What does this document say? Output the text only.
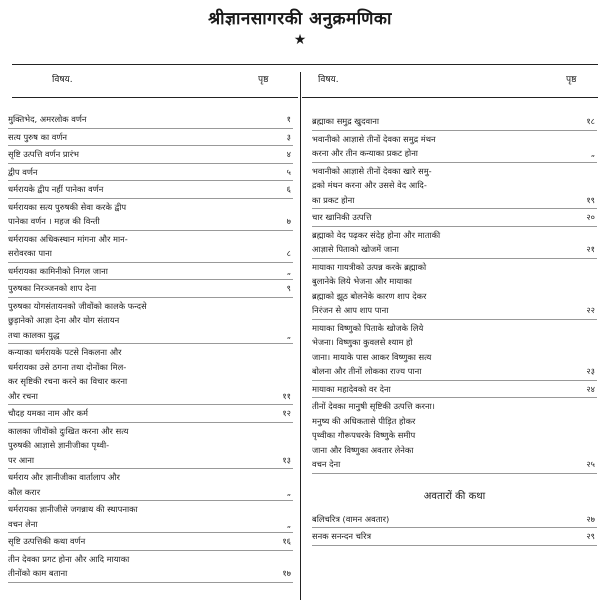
श्रीज्ञानसागरकी अनुक्रमणिका
★
विषय.	पृष्ठ	विषय.	पृष्ठ
मुक्तिभेद, अमरलोक वर्णन	१
सत्य पुरुष का वर्णन	३
सृष्टि उत्पत्ति वर्णन प्रारंभ	४
द्वीप वर्णन	५
धर्मरायके द्वीप नहीं पानेका वर्णन	६
धर्मरायका सत्य पुरुषकी सेवा करके द्वीप
पानेका वर्णन । महज की विन्ती	७
धर्मरायका अधिकस्थान मांगना और मान-
सरोवरका पाना	८
धर्मरायका कामिनीको निगल जाना	„
पुरुषका निरञ्जनको शाप देना	९
पुरुषका योगसंतायनको जीवोंको कालके फन्दसे
छुड़ानेको आज्ञा देना और योग संतायन
तथा कालका युद्ध	„
कन्याका धर्मरायके पटसे निकलना और
धर्मरायका उसे ठगना तथा दोनोंका मिल-
कर सृष्टिकी रचना करने का विचार करना
और रचना	११
चौदह यमका नाम और कर्म	१२
कालका जीवोंको दुःखित करना और सत्य
पुरुषकी आज्ञासे ज्ञानीजीका पृथ्वी-
पर आना	१३
धर्मराय और ज्ञानीजीका वार्तालाप और
कौल करार	„
धर्मरायका ज्ञानीजीसे जगन्नाथ की स्थापनाका
वचन लेना	„
सृष्टि उत्पत्तिकी कथा वर्णन	१६
तीन देवका प्रगट होना और आदि मायाका
तीनोंको काम बताना	१७
ब्रह्माका समुद्र खुदवाना	१८
भवानीको आज्ञासे तीनों देवका समुद्र मंथन
करना और तीन कन्याका प्रकट होना	„
भवानीको आज्ञासे तीनों देवका खारे समु-
द्रको मंथन करना और उससे वेद आदि-
का प्रकट होना	१९
चार खानिकी उत्पत्ति	२०
ब्रह्माको वेद पढ़कर संदेह होना और माताकी
आज्ञासे पिताको खोजमें जाना	२१
मायाका गायत्रीको उत्पन्न करके ब्रह्माको
बुलानेके लिये भेजना और मायाका
ब्रह्माको झूठ बोलनेके कारण शाप देकर
निरंजन से आप शाप पाना	२२
मायाका विष्णुको पिताके खोजके लिये
भेजना। विष्णुका कुवलसे श्याम हो
जाना। मायाके पास आकर विष्णुका सत्य
बोलना और तीनों लोकका राज्य पाना	२३
मायाका महादेवको वर देना	२४
तीनों देवका मानुषी सृष्टिकी उत्पत्ति करना।
मनुष्य की अधिकतासे पीड़ित होकर
पृथ्वीका गौरूपधरके विष्णुके समीप
जाना और विष्णुका अवतार लेनेका
वचन देना	२५
अवतारों की कथा
बलिचरित्र (वामन अवतार)	२७
सनक सनन्दन चरित्र	२९
